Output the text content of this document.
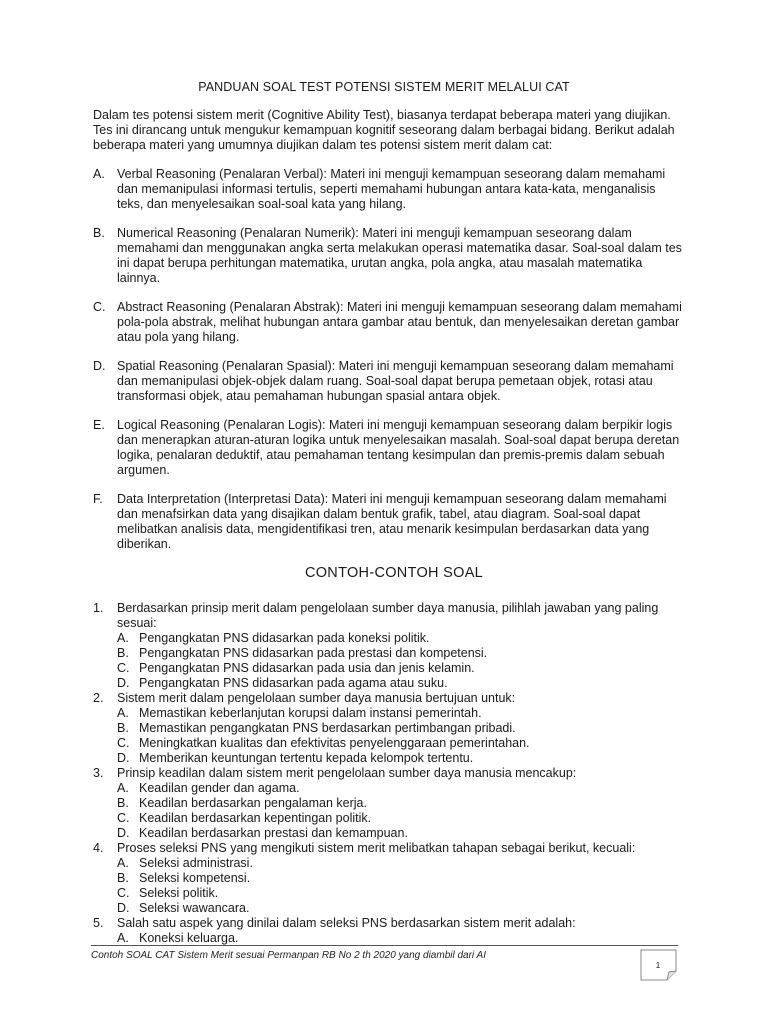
PANDUAN SOAL TEST POTENSI SISTEM MERIT MELALUI CAT

Dalam tes potensi sistem merit (Cognitive Ability Test), biasanya terdapat beberapa materi yang diujikan. Tes ini dirancang untuk mengukur kemampuan kognitif seseorang dalam berbagai bidang. Berikut adalah beberapa materi yang umumnya diujikan dalam tes potensi sistem merit dalam cat:

A. Verbal Reasoning (Penalaran Verbal): Materi ini menguji kemampuan seseorang dalam memahami dan memanipulasi informasi tertulis, seperti memahami hubungan antara kata-kata, menganalisis teks, dan menyelesaikan soal-soal kata yang hilang.
B. Numerical Reasoning (Penalaran Numerik): Materi ini menguji kemampuan seseorang dalam memahami dan menggunakan angka serta melakukan operasi matematika dasar. Soal-soal dalam tes ini dapat berupa perhitungan matematika, urutan angka, pola angka, atau masalah matematika lainnya.
C. Abstract Reasoning (Penalaran Abstrak): Materi ini menguji kemampuan seseorang dalam memahami pola-pola abstrak, melihat hubungan antara gambar atau bentuk, dan menyelesaikan deretan gambar atau pola yang hilang.
D. Spatial Reasoning (Penalaran Spasial): Materi ini menguji kemampuan seseorang dalam memahami dan memanipulasi objek-objek dalam ruang. Soal-soal dapat berupa pemetaan objek, rotasi atau transformasi objek, atau pemahaman hubungan spasial antara objek.
E. Logical Reasoning (Penalaran Logis): Materi ini menguji kemampuan seseorang dalam berpikir logis dan menerapkan aturan-aturan logika untuk menyelesaikan masalah. Soal-soal dapat berupa deretan logika, penalaran deduktif, atau pemahaman tentang kesimpulan dan premis-premis dalam sebuah argumen.
F.	Data Interpretation (Interpretasi Data): Materi ini menguji kemampuan seseorang dalam memahami dan menafsirkan data yang disajikan dalam bentuk grafik, tabel, atau diagram. Soal-soal dapat melibatkan analisis data, mengidentifikasi tren, atau menarik kesimpulan berdasarkan data yang diberikan.
CONTOH-CONTOH SOAL
1.	Berdasarkan prinsip merit dalam pengelolaan sumber daya manusia, pilihlah jawaban yang paling sesuai:
A. Pengangkatan PNS didasarkan pada koneksi politik.
B. Pengangkatan PNS didasarkan pada prestasi dan kompetensi.
C. Pengangkatan PNS didasarkan pada usia dan jenis kelamin.
D. Pengangkatan PNS didasarkan pada agama atau suku.
2.	Sistem merit dalam pengelolaan sumber daya manusia bertujuan untuk:
A. Memastikan keberlanjutan korupsi dalam instansi pemerintah.
B. Memastikan pengangkatan PNS berdasarkan pertimbangan pribadi.
C. Meningkatkan kualitas dan efektivitas penyelenggaraan pemerintahan.
D. Memberikan keuntungan tertentu kepada kelompok tertentu.
3.	Prinsip keadilan dalam sistem merit pengelolaan sumber daya manusia mencakup:
A. Keadilan gender dan agama.
B. Keadilan berdasarkan pengalaman kerja.
C. Keadilan berdasarkan kepentingan politik.
D. Keadilan berdasarkan prestasi dan kemampuan.
4.	Proses seleksi PNS yang mengikuti sistem merit melibatkan tahapan sebagai berikut, kecuali:
A. Seleksi administrasi.
B. Seleksi kompetensi.
C. Seleksi politik.
D. Seleksi wawancara.
5.	Salah satu aspek yang dinilai dalam seleksi PNS berdasarkan sistem merit adalah:
A. Koneksi keluarga.
Contoh SOAL CAT Sistem Merit sesuai Permanpan RB No 2 th 2020 yang diambil dari AI
1
